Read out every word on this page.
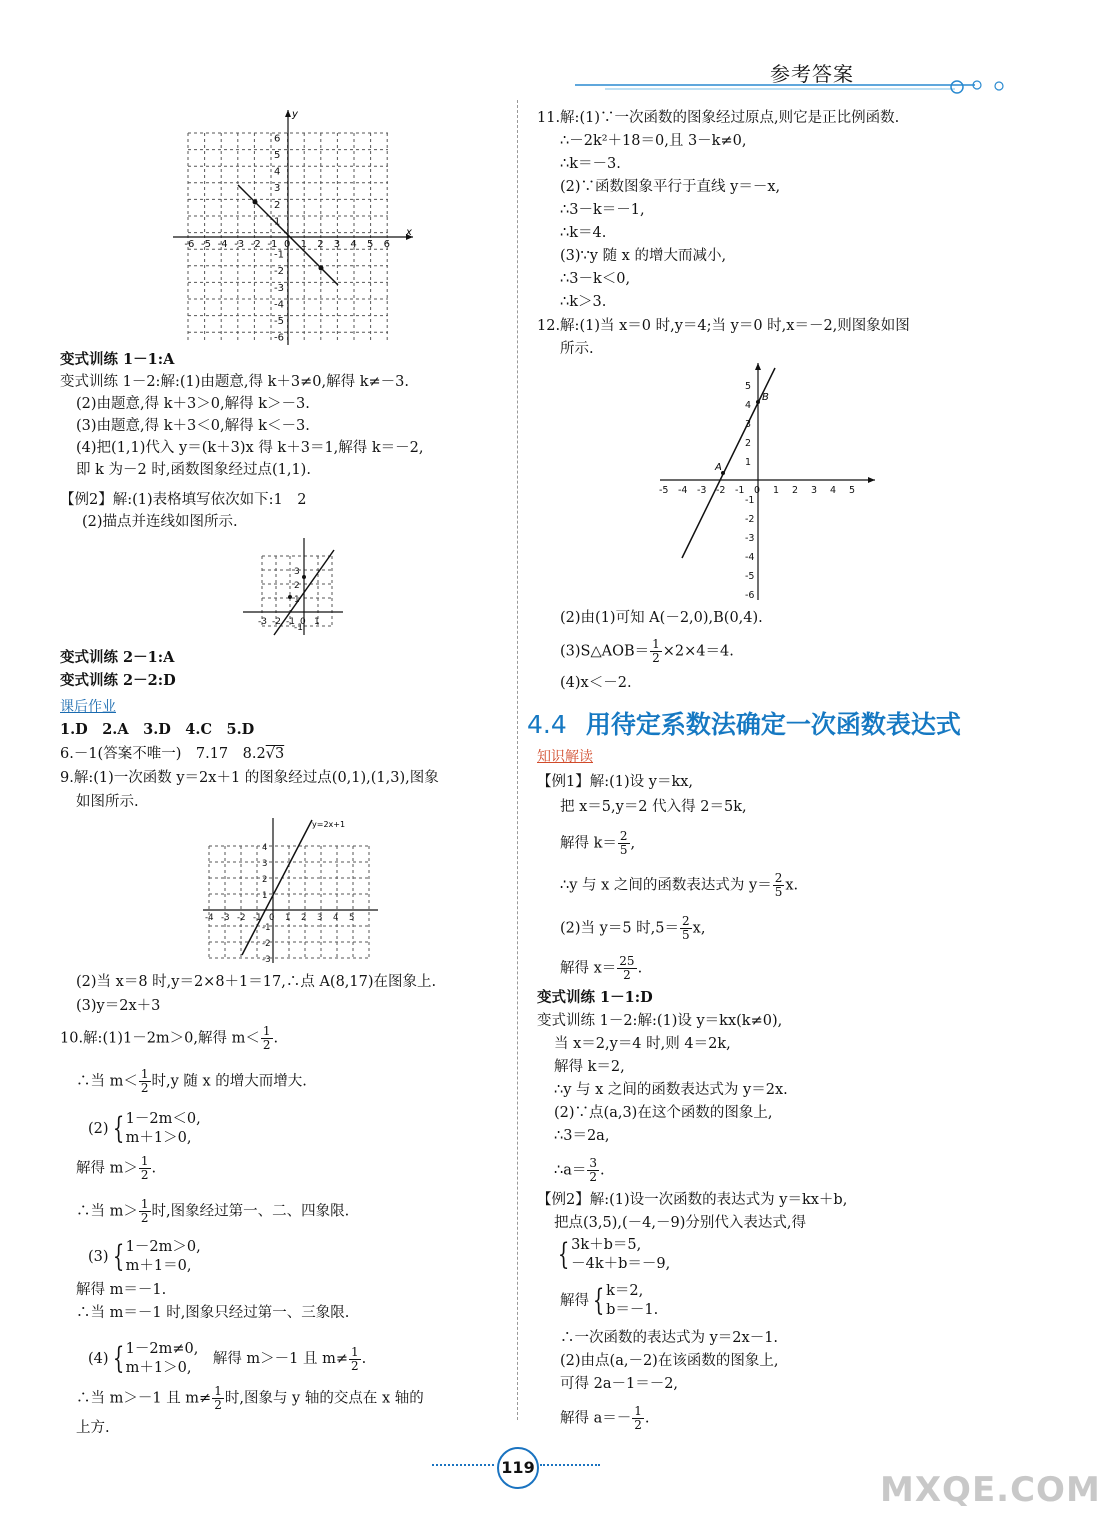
参考答案
x
y
-6 -5 -4 -3 -2 -1 0 1 2 3 4 5 6
6
5
4
3
2
1
-1
-2
-3
-4
-5
-6
变式训练 1－1:A
变式训练 1－2:解:(1)由题意,得 k＋3≠0,解得 k≠－3.
(2)由题意,得 k＋3＞0,解得 k＞－3.
(3)由题意,得 k＋3＜0,解得 k＜－3.
(4)把(1,1)代入 y＝(k＋3)x 得 k＋3＝1,解得 k＝－2,
即 k 为－2 时,函数图象经过点(1,1).
【例2】解:(1)表格填写依次如下:1　2
(2)描点并连线如图所示.
-3 -2 -1 0 1
3
2
1
-1
变式训练 2－1:A
变式训练 2－2:D
课后作业
1.D　2.A　3.D　4.C　5.D
6.－1(答案不唯一)　7.17　8.2√3
9.解:(1)一次函数 y＝2x＋1 的图象经过点(0,1),(1,3),图象
如图所示.
y=2x+1
-4 -3 -2 -1 0 1 2 3 4 5
4
3
2
1
-1
-2
-3
(2)当 x＝8 时,y＝2×8＋1＝17,∴点 A(8,17)在图象上.
(3)y＝2x＋3
10.解:(1)1－2m＞0,解得 $m< \frac{1}{2}$ .
∴当 $m< \frac{1}{2}$ 时,y 随 x 的增大而增大.
(2) { 1－2m＜0,
m＋1＞0,
解得 $m> \frac{1}{2}$ .
∴当 $m> \frac{1}{2}$ 时,图象经过第一、二、四象限.
(3) { 1－2m＞0,
m＋1＝0,
解得 m＝－1.
∴当 m＝－1 时,图象只经过第一、三象限.
(4) { 1－2m≠0,
m＋1＞0,　解得 m＞－1 且 $m\ne \frac{1}{2}$ .
∴当 m＞－1 且 $m\ne \frac{1}{2}$ 时,图象与 y 轴的交点在 x 轴的
上方.
11.解:(1)∵一次函数的图象经过原点,则它是正比例函数.
∴－2k²＋18＝0,且 3－k≠0,
∴k＝－3.
(2)∵函数图象平行于直线 y＝－x,
∴3－k＝－1,
∴k＝4.
(3)∵y 随 x 的增大而减小,
∴3－k＜0,
∴k＞3.
12.解:(1)当 x＝0 时,y＝4;当 y＝0 时,x＝－2,则图象如图
所示.
A
B
-5 -4 -3 -2 -1 0 1 2 3 4 5
5
4
3
2
1
-1
-2
-3
-4
-5
-6
(2)由(1)可知 A(－2,0),B(0,4).
(3)S△AOB＝ $\frac{1}{2} \times 2\times 4=4$.
(4)x＜－2.
4.4 用待定系数法确定一次函数表达式
知识解读
【例1】解:(1)设 y＝kx,
把 x＝5,y＝2 代入得 2＝5k,
解得 $k= \frac{2}{5}$ ,
∴y 与 x 之间的函数表达式为 $y= \frac{2}{5} x$.
(2)当 y＝5 时$,5= \frac{2}{5} x$,
解得 $x= \frac{25}{2}$ .
变式训练 1－1:D
变式训练 1－2:解:(1)设 y＝kx(k≠0),
当 x＝2,y＝4 时,则 4＝2k,
解得 k＝2,
∴y 与 x 之间的函数表达式为 y＝2x.
(2)∵点(a,3)在这个函数的图象上,
∴3＝2a,
∴a＝ $\frac{3}{2}$ .
【例2】解:(1)设一次函数的表达式为 y＝kx＋b,
把点(3,5),(－4,－9)分别代入表达式,得
{ 3k＋b＝5,
－4k＋b＝－9,
解得 { k＝2,
b＝－1.
∴一次函数的表达式为 y＝2x－1.
(2)由点(a,－2)在该函数的图象上,
可得 2a－1＝－2,
解得 $a=- \frac{1}{2}$ .
119
MXQE.COM
